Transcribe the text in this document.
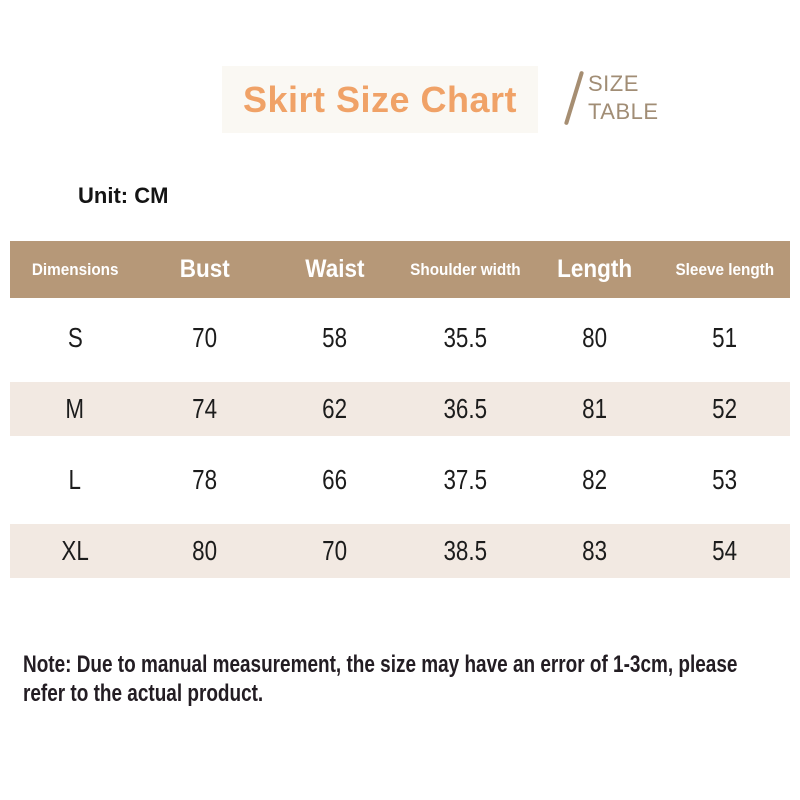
Skirt Size Chart	SIZE
TABLE
Unit: CM
Dimensions	Bust	Waist	Shoulder width	Length	Sleeve length
S	70	58	35.5	80	51
M	74	62	36.5	81	52
L	78	66	37.5	82	53
XL	80	70	38.5	83	54
Note: Due to manual measurement, the size may have an error of 1-3cm, please
refer to the actual product.
